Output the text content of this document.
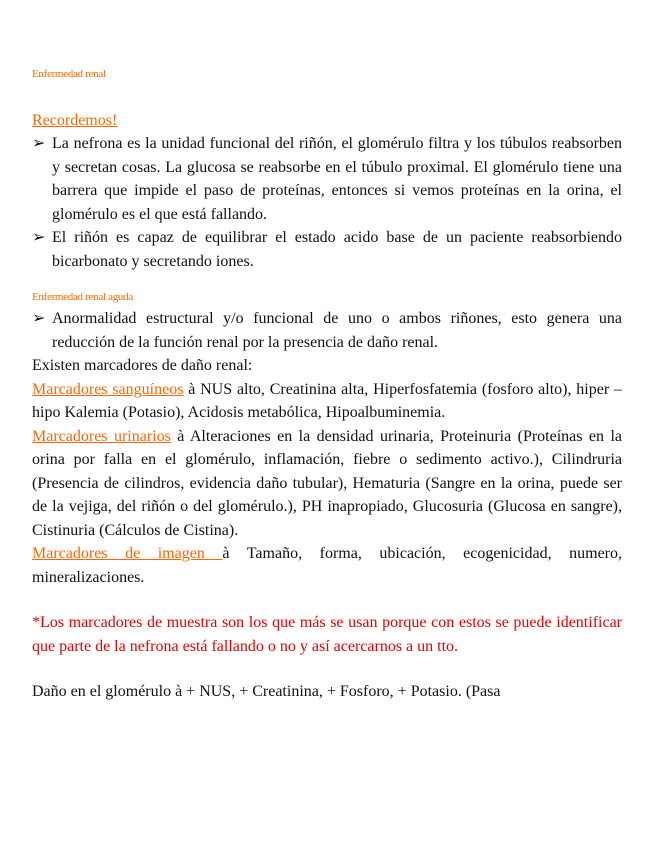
Enfermedad renal
Recordemos!
➢ La nefrona es la unidad funcional del riñón, el glomérulo filtra y los túbulos reabsorben y secretan cosas. La glucosa se reabsorbe en el túbulo proximal. El glomérulo tiene una barrera que impide el paso de proteínas, entonces si vemos proteínas en la orina, el glomérulo es el que está fallando.
➢ El riñón es capaz de equilibrar el estado acido base de un paciente reabsorbiendo bicarbonato y secretando iones.
Enfermedad renal aguda
➢ Anormalidad estructural y/o funcional de uno o ambos riñones, esto genera una reducción de la función renal por la presencia de daño renal.

Existen marcadores de daño renal:

Marcadores sanguíneos à NUS alto, Creatinina alta, Hiperfosfatemia (fosforo alto), hiper – hipo Kalemia (Potasio), Acidosis metabólica, Hipoalbuminemia.

Marcadores urinarios à Alteraciones en la densidad urinaria, Proteinuria (Proteínas en la orina por falla en el glomérulo, inflamación, fiebre o sedimento activo.), Cilindruria (Presencia de cilindros, evidencia daño tubular), Hematuria (Sangre en la orina, puede ser de la vejiga, del riñón o del glomérulo.), PH inapropiado, Glucosuria (Glucosa en sangre), Cistinuria (Cálculos de Cistina).

Marcadores de imagen à Tamaño, forma, ubicación, ecogenicidad, numero, mineralizaciones.

*Los marcadores de muestra son los que más se usan porque con estos se puede identificar que parte de la nefrona está fallando o no y así acercarnos a un tto.

Daño en el glomérulo à + NUS, + Creatinina, + Fosforo, + Potasio. (Pasa
